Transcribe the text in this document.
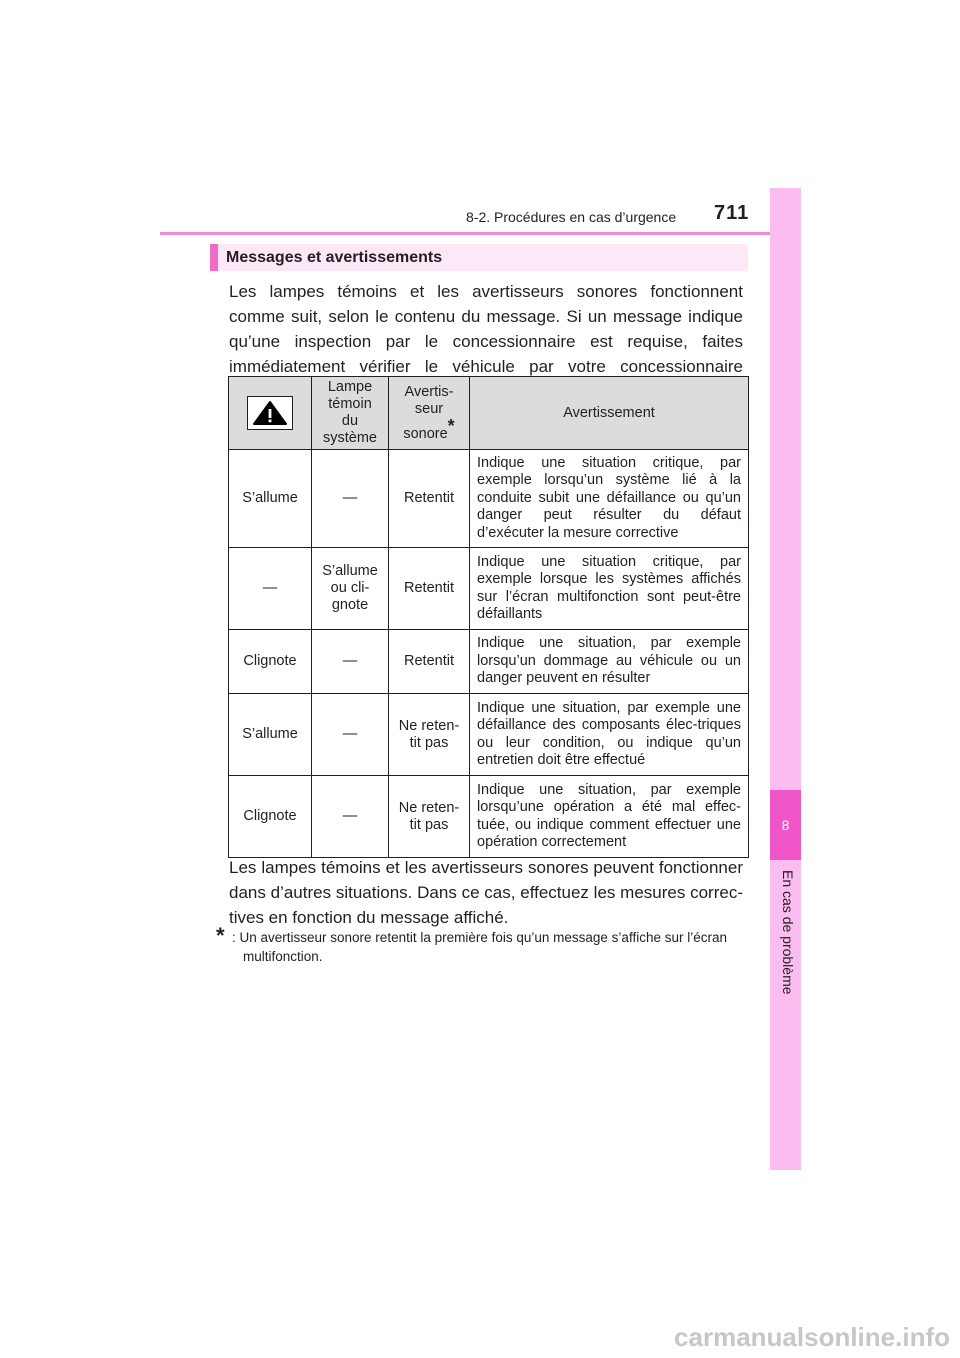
8-2. Procédures en cas d’urgence 711
8
En cas de problème
Messages et avertissements
Les lampes témoins et les avertisseurs sonores fonctionnent comme suit, selon le contenu du message. Si un message indique qu’une inspection par le concessionnaire est requise, faites immédiatement vérifier le véhicule par votre concessionnaire
	Lampe témoin du système	Avertis-seur sonore*	Avertissement
S’allume	—	Retentit	Indique une situation critique, par exemple lorsqu’un système lié à la conduite subit une défaillance ou qu’un danger peut résulter du défaut d’exécuter la mesure corrective
—	S’allume ou cli-gnote	Retentit	Indique une situation critique, par exemple lorsque les systèmes affichés sur l’écran multifonction sont peut-être défaillants
Clignote	—	Retentit	Indique une situation, par exemple lorsqu’un dommage au véhicule ou un danger peuvent en résulter
S’allume	—	Ne reten-tit pas	Indique une situation, par exemple une défaillance des composants élec-triques ou leur condition, ou indique qu’un entretien doit être effectué
Clignote	—	Ne reten-tit pas	Indique une situation, par exemple lorsqu’une opération a été mal effec-tuée, ou indique comment effectuer une opération correctement
Les lampes témoins et les avertisseurs sonores peuvent fonctionner dans d’autres situations. Dans ce cas, effectuez les mesures correc-tives en fonction du message affiché.
* : Un avertisseur sonore retentit la première fois qu’un message s’affiche sur l’écran multifonction.
carmanualsonline.info
